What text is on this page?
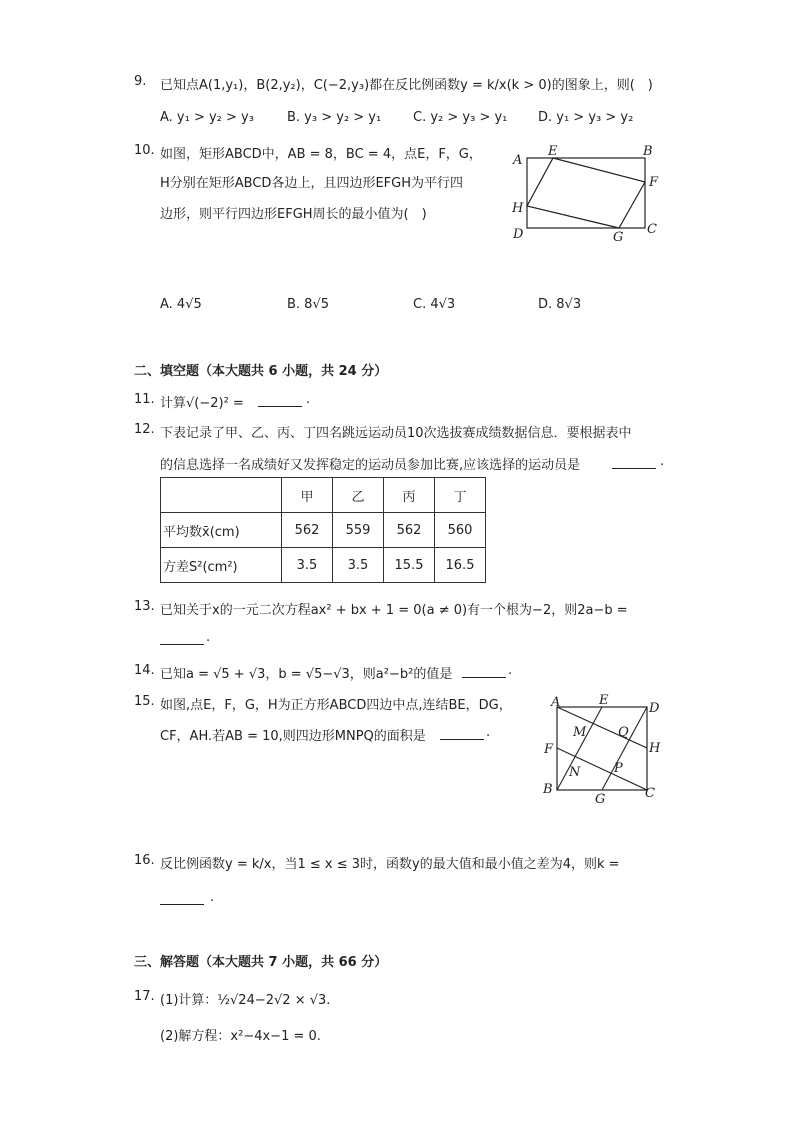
9. 已知点A(1,y₁)，B(2,y₂)，C(−2,y₃)都在反比例函数y = k/x(k > 0)的图象上，则(　)
A. y₁ > y₂ > y₃	B. y₃ > y₂ > y₁ C. y₂ > y₃ > y₁ D. y₁ > y₃ > y₂
10. 如图，矩形ABCD中，AB = 8，BC = 4，点E，F，G，
H分别在矩形ABCD各边上，且四边形EFGH为平行四
边形，则平行四边形EFGH周长的最小值为(　)
A
B
C
D
E
F
G
H
A. 4√5	B. 8√5	C. 4√3	D. 8√3
二、填空题（本大题共 6 小题，共 24 分）
11. 计算√(−2)² =	.
12. 下表记录了甲、乙、丙、丁四名跳远运动员10次选拔赛成绩数据信息．要根据表中
的信息选择一名成绩好又发挥稳定的运动员参加比赛,应该选择的运动员是	.
	甲	乙	丙	丁
平均数x̄(cm)	562	559	562	560
方差S²(cm²)	3.5	3.5	15.5	16.5
13. 已知关于x的一元二次方程ax² + bx + 1 = 0(a ≠ 0)有一个根为−2，则2a−b =
.
14. 已知a = √5 + √3，b = √5−√3，则a²−b²的值是	.
15. 如图,点E，F，G，H为正方形ABCD四边中点,连结BE，DG，
CF，AH.若AB = 10,则四边形MNPQ的面积是	.
A
B	C
D
E
F
G
H
M
N	P
Q
16. 反比例函数y = k/x，当1 ≤ x ≤ 3时，函数y的最大值和最小值之差为4，则k =
.
三、解答题（本大题共 7 小题，共 66 分）
17. (1)计算：½√24−2√2 × √3.
(2)解方程：x²−4x−1 = 0.
